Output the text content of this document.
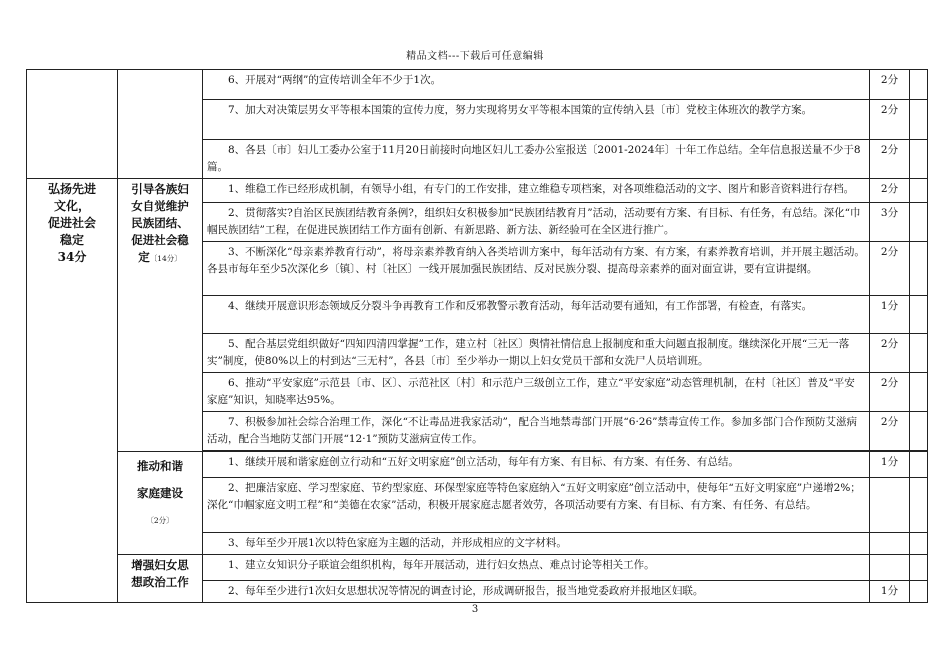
精品文档---下载后可任意编辑
		6、开展对“两纲”的宣传培训全年不少于1次。	2分	
		7、加大对决策层男女平等根本国策的宣传力度，努力实现将男女平等根本国策的宣传纳入县〔市〕党校主体班次的教学方案。	2分	
		8、各县〔市〕妇儿工委办公室于11月20日前接时向地区妇儿工委办公室报送〔2001-2024年〕十年工作总结。全年信息报送量不少于8篇。	2分	

弘扬先进
文化，
促进社会
稳定
34分	引导各族妇
女自觉维护
民族团结、
促进社会稳
定〔14分〕	1、维稳工作已经形成机制，有领导小组，有专门的工作安排，建立维稳专项档案，对各项维稳活动的文字、图片和影音资料进行存档。	2分	
		2、贯彻落实?自治区民族团结教育条例?，组织妇女积极参加“民族团结教育月”活动，活动要有方案、有目标、有任务，有总结。深化“巾帼民族团结”工程，在促进民族团结工作方面有创新、有新思路、新方法、新经验可在全区进行推广。	3分	
		3、不断深化“母亲素养教育行动”，将母亲素养教育纳入各类培训方案中，每年活动有方案、有方案，有素养教育培训，并开展主题活动。各县市每年至少5次深化乡〔镇〕、村〔社区〕一线开展加强民族团结、反对民族分裂、提高母亲素养的面对面宣讲，要有宣讲提纲。	2分	
		4、继续开展意识形态领域反分裂斗争再教育工作和反邪教警示教育活动，每年活动要有通知，有工作部署，有检查，有落实。	1分	
		5、配合基层党组织做好“四知四清四掌握”工作，建立村〔社区〕舆情社情信息上报制度和重大问题直报制度。继续深化开展“三无一落实”制度，使80%以上的村到达“三无村”，各县〔市〕至少举办一期以上妇女党员干部和女洗尸人员培训班。	2分	
		6、推动“平安家庭”示范县〔市、区〕、示范社区〔村〕和示范户三级创立工作，建立“平安家庭”动态管理机制，在村〔社区〕普及“平安家庭”知识，知晓率达95%。	2分	
		7、积极参加社会综合治理工作，深化“不让毒品进我家活动”，配合当地禁毒部门开展“6·26”禁毒宣传工作。参加多部门合作预防艾滋病活动，配合当地防艾部门开展“12·1”预防艾滋病宣传工作。	2分	

	推动和谐
家庭建设
〔2分〕	1、继续开展和谐家庭创立行动和“五好文明家庭”创立活动，每年有方案、有目标、有方案、有任务、有总结。	1分	
		2、把廉洁家庭、学习型家庭、节约型家庭、环保型家庭等特色家庭纳入“五好文明家庭”创立活动中，使每年“五好文明家庭”户递增2%；深化“巾帼家庭文明工程”和“美德在农家”活动，积极开展家庭志愿者效劳，各项活动要有方案、有目标、有方案、有任务、有总结。		
		3、每年至少开展1次以特色家庭为主题的活动，并形成相应的文字材料。		

	增强妇女思
想政治工作	1、建立女知识分子联谊会组织机构，每年开展活动，进行妇女热点、难点讨论等相关工作。		
		2、每年至少进行1次妇女思想状况等情况的调查讨论，形成调研报告，报当地党委政府并报地区妇联。	1分	
3
